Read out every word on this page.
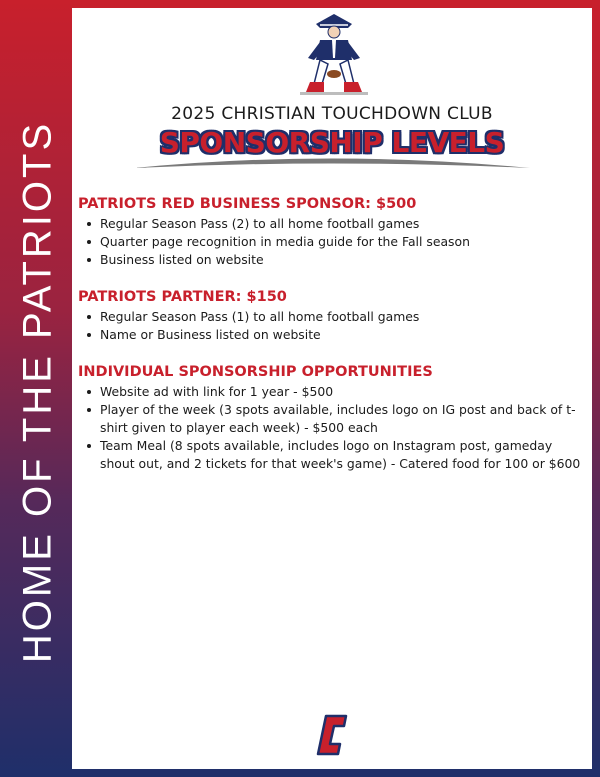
HOME OF THE PATRIOTS
2025 CHRISTIAN TOUCHDOWN CLUB
SPONSORSHIP LEVELS
PATRIOTS RED BUSINESS SPONSOR: $500
Regular Season Pass (2) to all home football games
Quarter page recognition in media guide for the Fall season
Business listed on website
PATRIOTS PARTNER: $150
Regular Season Pass (1) to all home football games
Name or Business listed on website
INDIVIDUAL SPONSORSHIP OPPORTUNITIES
Website ad with link for 1 year - $500
Player of the week (3 spots available, includes logo on IG post and back of t-shirt given to player each week) - $500 each
Team Meal (8 spots available, includes logo on Instagram post, gameday shout out, and 2 tickets for that week's game) - Catered food for 100 or $600
